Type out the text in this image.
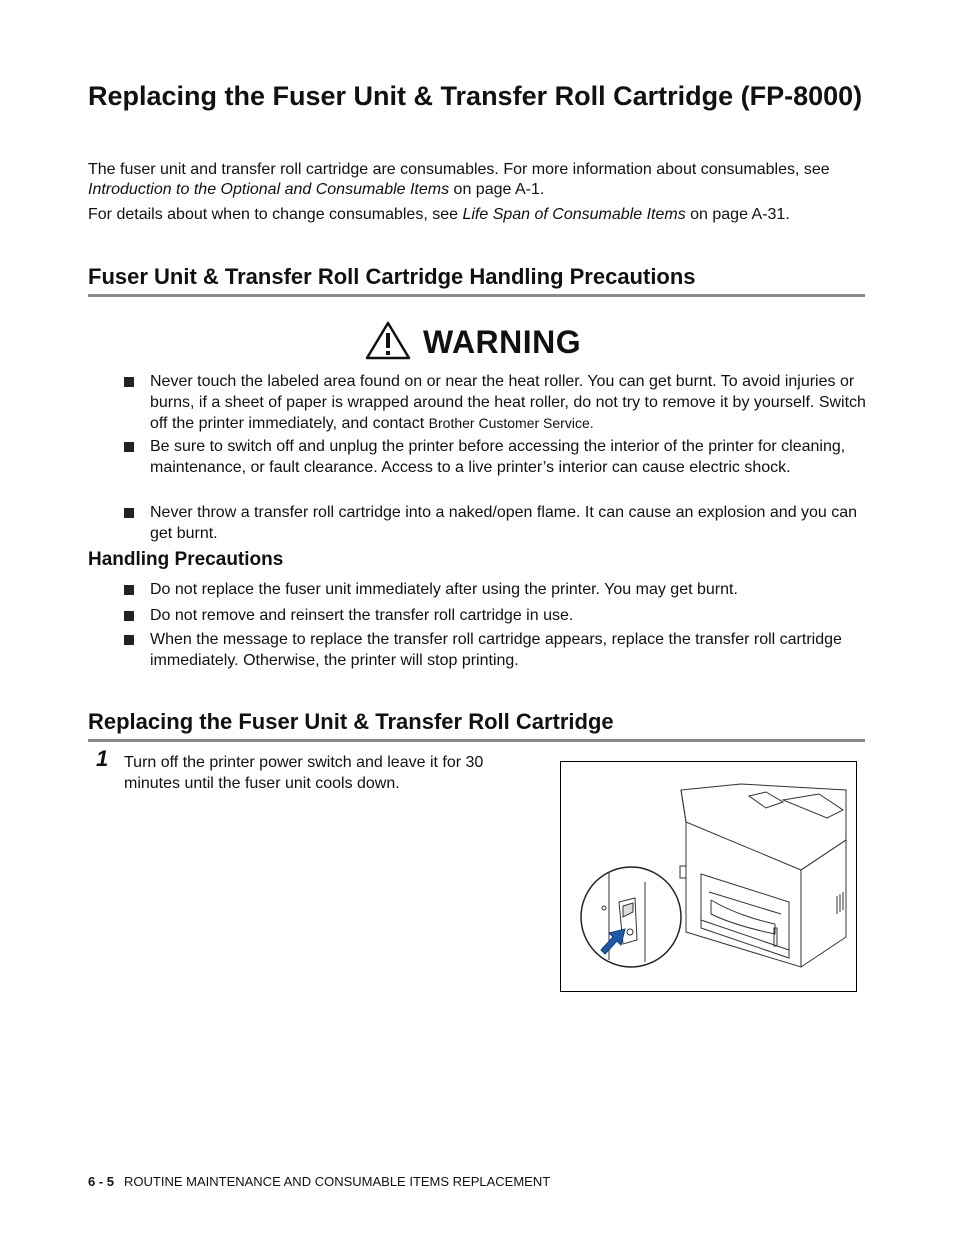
Replacing the Fuser Unit & Transfer Roll Cartridge (FP-8000)

The fuser unit and transfer roll cartridge are consumables. For more information about consumables, see Introduction to the Optional and Consumable Items on page A-1.

For details about when to change consumables, see Life Span of Consumable Items on page A-31.

Fuser Unit & Transfer Roll Cartridge Handling Precautions
WARNING
Never touch the labeled area found on or near the heat roller. You can get burnt. To avoid injuries or burns, if a sheet of paper is wrapped around the heat roller, do not try to remove it by yourself. Switch off the printer immediately, and contact Brother Customer Service.
Be sure to switch off and unplug the printer before accessing the interior of the printer for cleaning, maintenance, or fault clearance. Access to a live printer’s interior can cause electric shock.
Never throw a transfer roll cartridge into a naked/open flame. It can cause an explosion and you can get burnt.
Handling Precautions
Do not replace the fuser unit immediately after using the printer. You may get burnt.
Do not remove and reinsert the transfer roll cartridge in use.
When the message to replace the transfer roll cartridge appears, replace the transfer roll cartridge immediately. Otherwise, the printer will stop printing.
Replacing the Fuser Unit & Transfer Roll Cartridge
1 Turn off the printer power switch and leave it for 30 minutes until the fuser unit cools down.
6 - 5 ROUTINE MAINTENANCE AND CONSUMABLE ITEMS REPLACEMENT
